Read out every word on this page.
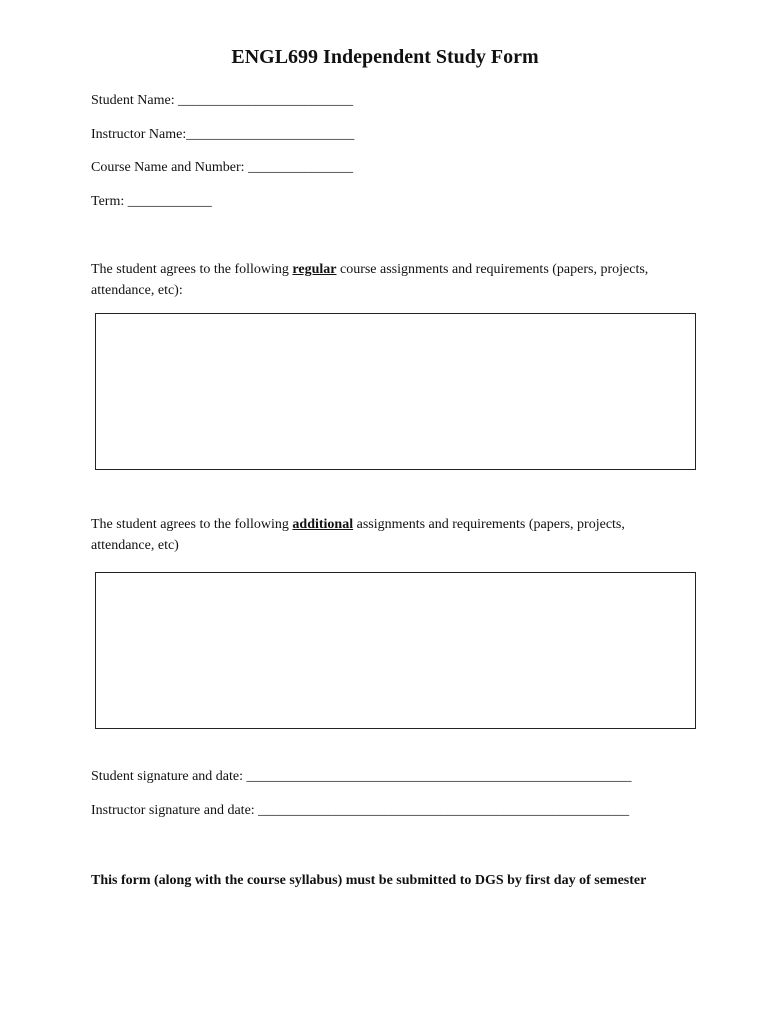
ENGL699 Independent Study Form
Student Name: _________________________
Instructor Name:________________________
Course Name and Number: _______________
Term: ____________
The student agrees to the following regular course assignments and requirements (papers, projects, attendance, etc):
The student agrees to the following additional assignments and requirements (papers, projects, attendance, etc)
Student signature and date: _______________________________________________________
Instructor signature and date: _____________________________________________________
This form (along with the course syllabus) must be submitted to DGS by first day of semester
